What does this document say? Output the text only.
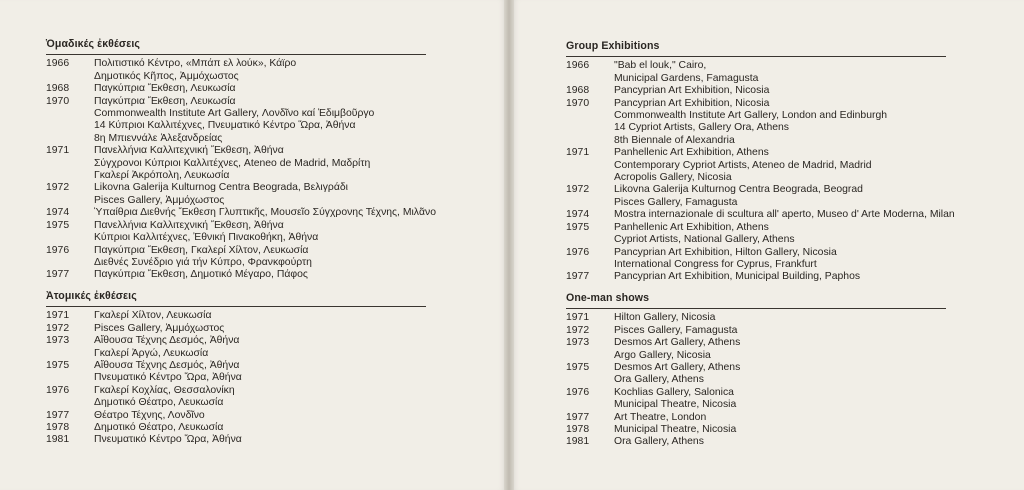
Ὁμαδικές ἐκθέσεις
1966	Πολιτιστικό Κέντρο, «Μπάπ ελ λούκ», Κάϊρο
Δημοτικός Κῆπος, Ἀμμόχωστος
1968	Παγκύπρια Ἔκθεση, Λευκωσία
1970	Παγκύπρια Ἔκθεση, Λευκωσία
Commonwealth Institute Art Gallery, Λονδῖνο καί Ἐδιμβοῦργο
14 Κύπριοι Καλλιτέχνες, Πνευματικό Κέντρο Ὥρα, Ἀθήνα
8η Μπιεννάλε Ἀλεξανδρείας
1971	Πανελλήνια Καλλιτεχνική Ἔκθεση, Ἀθήνα
Σύγχρονοι Κύπριοι Καλλιτέχνες, Ateneo de Madrid, Μαδρίτη
Γκαλερί Ἀκρόπολη, Λευκωσία
1972	Likovna Galerija Kulturnog Centra Beograda, Βελιγράδι
Pisces Gallery, Ἀμμόχωστος
1974	Ὑπαίθρια Διεθνής Ἔκθεση Γλυπτικῆς, Μουσεῖο Σύγχρονης Τέχνης, Μιλᾶνο
1975	Πανελλήνια Καλλιτεχνική Ἔκθεση, Ἀθήνα
Κύπριοι Καλλιτέχνες, Ἐθνική Πινακοθήκη, Ἀθήνα
1976	Παγκύπρια Ἔκθεση, Γκαλερί Χίλτον, Λευκωσία
Διεθνές Συνέδριο γιά τήν Κύπρο, Φρανκφούρτη
1977	Παγκύπρια Ἔκθεση, Δημοτικό Μέγαρο, Πάφος
Ἀτομικές ἐκθέσεις
1971	Γκαλερί Χίλτον, Λευκωσία
1972	Pisces Gallery, Ἀμμόχωστος
1973	Αἴθουσα Τέχνης Δεσμός, Ἀθήνα
Γκαλερί Ἀργώ, Λευκωσία
1975	Αἴθουσα Τέχνης Δεσμός, Ἀθήνα
Πνευματικό Κέντρο Ὥρα, Ἀθήνα
1976	Γκαλερί Κοχλίας, Θεσσαλονίκη
Δημοτικό Θέατρο, Λευκωσία
1977	Θέατρο Τέχνης, Λονδῖνο
1978	Δημοτικό Θέατρο, Λευκωσία
1981	Πνευματικό Κέντρο Ὥρα, Ἀθήνα
Group Exhibitions
1966	"Bab el louk," Cairo,
Municipal Gardens, Famagusta
1968	Pancyprian Art Exhibition, Nicosia
1970	Pancyprian Art Exhibition, Nicosia
Commonwealth Institute Art Gallery, London and Edinburgh
14 Cypriot Artists, Gallery Ora, Athens
8th Biennale of Alexandria
1971	Panhellenic Art Exhibition, Athens
Contemporary Cypriot Artists, Ateneo de Madrid, Madrid
Acropolis Gallery, Nicosia
1972	Likovna Galerija Kulturnog Centra Beograda, Beograd
Pisces Gallery, Famagusta
1974	Mostra internazionale di scultura all' aperto, Museo d' Arte Moderna, Milan
1975	Panhellenic Art Exhibition, Athens
Cypriot Artists, National Gallery, Athens
1976	Pancyprian Art Exhibition, Hilton Gallery, Nicosia
International Congress for Cyprus, Frankfurt
1977	Pancyprian Art Exhibition, Municipal Building, Paphos
One-man shows
1971	Hilton Gallery, Nicosia
1972	Pisces Gallery, Famagusta
1973	Desmos Art Gallery, Athens
Argo Gallery, Nicosia
1975	Desmos Art Gallery, Athens
Ora Gallery, Athens
1976	Kochlias Gallery, Salonica
Municipal Theatre, Nicosia
1977	Art Theatre, London
1978	Municipal Theatre, Nicosia
1981	Ora Gallery, Athens
